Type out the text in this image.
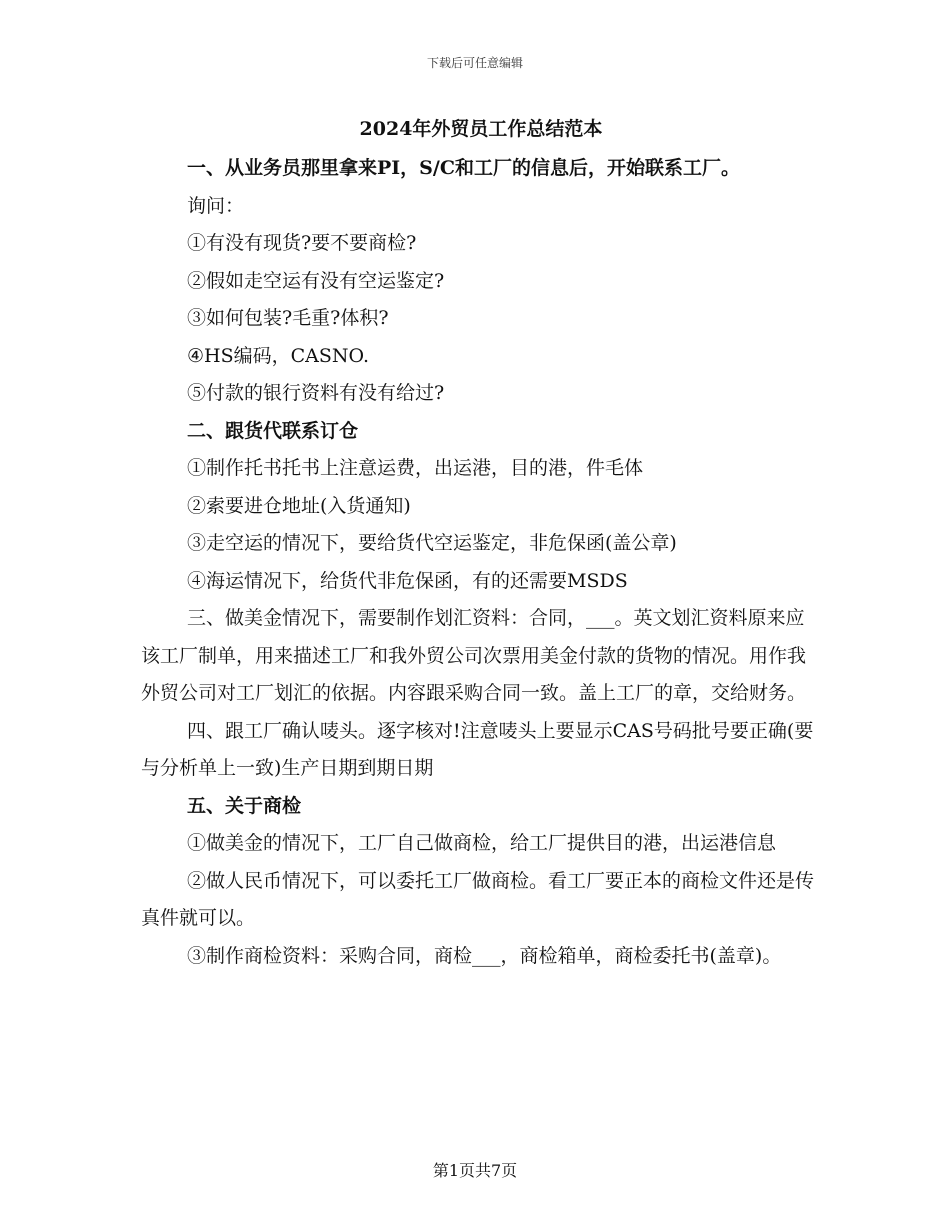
下载后可任意编辑
2024年外贸员工作总结范本
一、从业务员那里拿来PI，S/C和工厂的信息后，开始联系工厂。
询问：
①有没有现货?要不要商检?
②假如走空运有没有空运鉴定?
③如何包装?毛重?体积?
④HS编码，CASNO.
⑤付款的银行资料有没有给过?
二、跟货代联系订仓
①制作托书托书上注意运费，出运港，目的港，件毛体
②索要进仓地址(入货通知)
③走空运的情况下，要给货代空运鉴定，非危保函(盖公章)
④海运情况下，给货代非危保函，有的还需要MSDS

三、做美金情况下，需要制作划汇资料：合同，___。英文划汇资料原来应该工厂制单，用来描述工厂和我外贸公司次票用美金付款的货物的情况。用作我外贸公司对工厂划汇的依据。内容跟采购合同一致。盖上工厂的章，交给财务。

四、跟工厂确认唛头。逐字核对!注意唛头上要显示CAS号码批号要正确(要与分析单上一致)生产日期到期日期

五、关于商检

①做美金的情况下，工厂自己做商检，给工厂提供目的港，出运港信息

②做人民币情况下，可以委托工厂做商检。看工厂要正本的商检文件还是传真件就可以。

③制作商检资料：采购合同，商检___，商检箱单，商检委托书(盖章)。

第1页共7页
